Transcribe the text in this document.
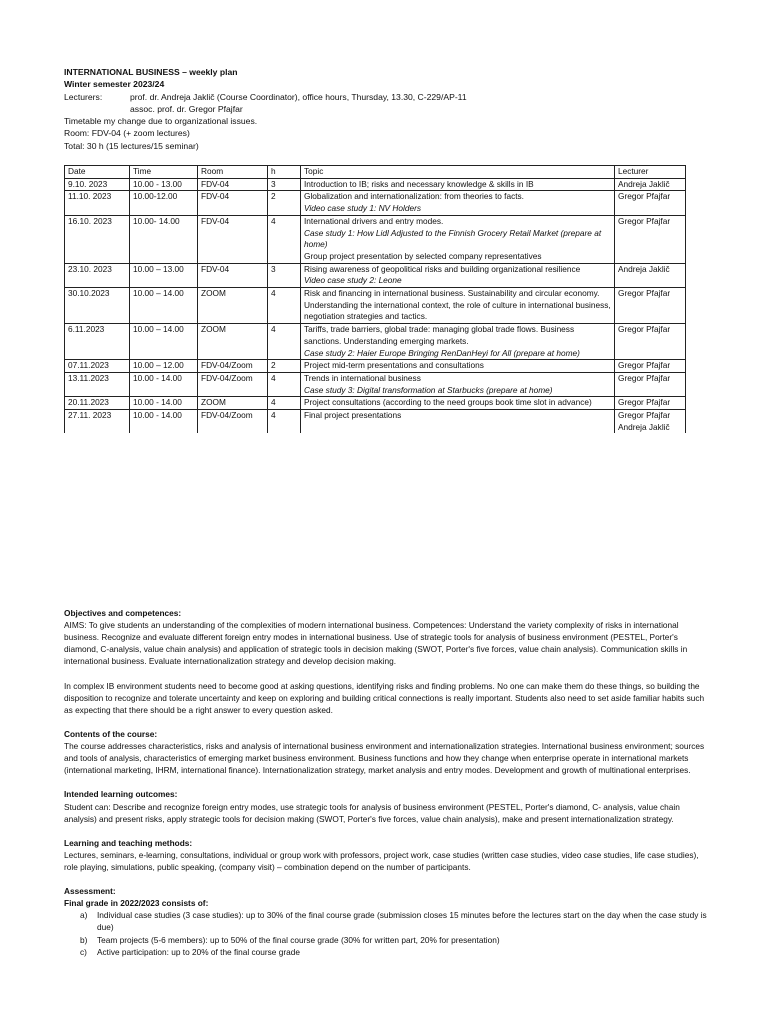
INTERNATIONAL BUSINESS – weekly plan
Winter semester 2023/24
Lecturers:	prof. dr. Andreja Jaklič (Course Coordinator), office hours, Thursday, 13.30, C-229/AP-11
assoc. prof. dr. Gregor Pfajfar
Timetable my change due to organizational issues.
Room: FDV-04 (+ zoom lectures)
Total: 30 h (15 lectures/15 seminar)
Date	Time	Room	h	Topic	Lecturer
9.10. 2023	10.00 - 13.00	FDV-04	3	Introduction to IB; risks and necessary knowledge & skills in IB	Andreja Jaklič

11.10. 2023	10.00-12.00	FDV-04	2	Globalization and internationalization: from theories to facts.
Video case study 1: NV Holders	Gregor Pfajfar

16.10. 2023	10.00- 14.00	FDV-04	4	International drivers and entry modes.
Case study 1: How Lidl Adjusted to the Finnish Grocery Retail Market (prepare at home)
Group project presentation by selected company representatives	Gregor Pfajfar

23.10. 2023	10.00 – 13.00	FDV-04	3	Rising awareness of geopolitical risks and building organizational resilience
Video case study 2: Leone	Andreja Jaklič

30.10.2023	10.00 – 14.00	ZOOM	4	Risk and financing in international business. Sustainability and circular economy. Understanding the international context, the role of culture in international business, negotiation strategies and tactics.	Gregor Pfajfar

6.11.2023	10.00 – 14.00	ZOOM	4	Tariffs, trade barriers, global trade: managing global trade flows. Business sanctions. Understanding emerging markets.
Case study 2: Haier Europe Bringing RenDanHeyi for All (prepare at home)	Gregor Pfajfar

07.11.2023	10.00 – 12.00	FDV-04/Zoom	2	Project mid-term presentations and consultations	Gregor Pfajfar

13.11.2023	10.00 - 14.00	FDV-04/Zoom	4	Trends in international business
Case study 3: Digital transformation at Starbucks (prepare at home)	Gregor Pfajfar

20.11.2023	10.00 - 14.00	ZOOM	4	Project consultations (according to the need groups book time slot in advance)	Gregor Pfajfar

27.11. 2023	10.00 - 14.00	FDV-04/Zoom	4	Final project presentations	Gregor Pfajfar
Andreja Jaklič

Objectives and competences:

AIMS: To give students an understanding of the complexities of modern international business. Competences: Understand the variety complexity of risks in international business. Recognize and evaluate different foreign entry modes in international business. Use of strategic tools for analysis of business environment (PESTEL, Porter's diamond, C-analysis, value chain analysis) and application of strategic tools in decision making (SWOT, Porter's five forces, value chain analysis). Communication skills in international business. Evaluate internationalization strategy and develop decision making.

In complex IB environment students need to become good at asking questions, identifying risks and finding problems. No one can make them do these things, so building the disposition to recognize and tolerate uncertainty and keep on exploring and building critical connections is really important. Students also need to set aside familiar habits such as expecting that there should be a right answer to every question asked.

Contents of the course:

The course addresses characteristics, risks and analysis of international business environment and internationalization strategies. International business environment; sources and tools of analysis, characteristics of emerging market business environment. Business functions and how they change when enterprise operate in international markets (international marketing, IHRM, international finance). Internationalization strategy, market analysis and entry modes. Development and growth of multinational enterprises.

Intended learning outcomes:

Student can: Describe and recognize foreign entry modes, use strategic tools for analysis of business environment (PESTEL, Porter's diamond, C- analysis, value chain analysis) and present risks, apply strategic tools for decision making (SWOT, Porter's five forces, value chain analysis), make and present internationalization strategy.

Learning and teaching methods:

Lectures, seminars, e-learning, consultations, individual or group work with professors, project work, case studies (written case studies, video case studies, life case studies), role playing, simulations, public speaking, (company visit) – combination depend on the number of participants.

Assessment:

Final grade in 2022/2023 consists of:

a)	Individual case studies (3 case studies): up to 30% of the final course grade (submission closes 15 minutes before the lectures start on the day when the case study is due)
b)	Team projects (5-6 members): up to 50% of the final course grade (30% for written part, 20% for presentation)
c)	Active participation: up to 20% of the final course grade
